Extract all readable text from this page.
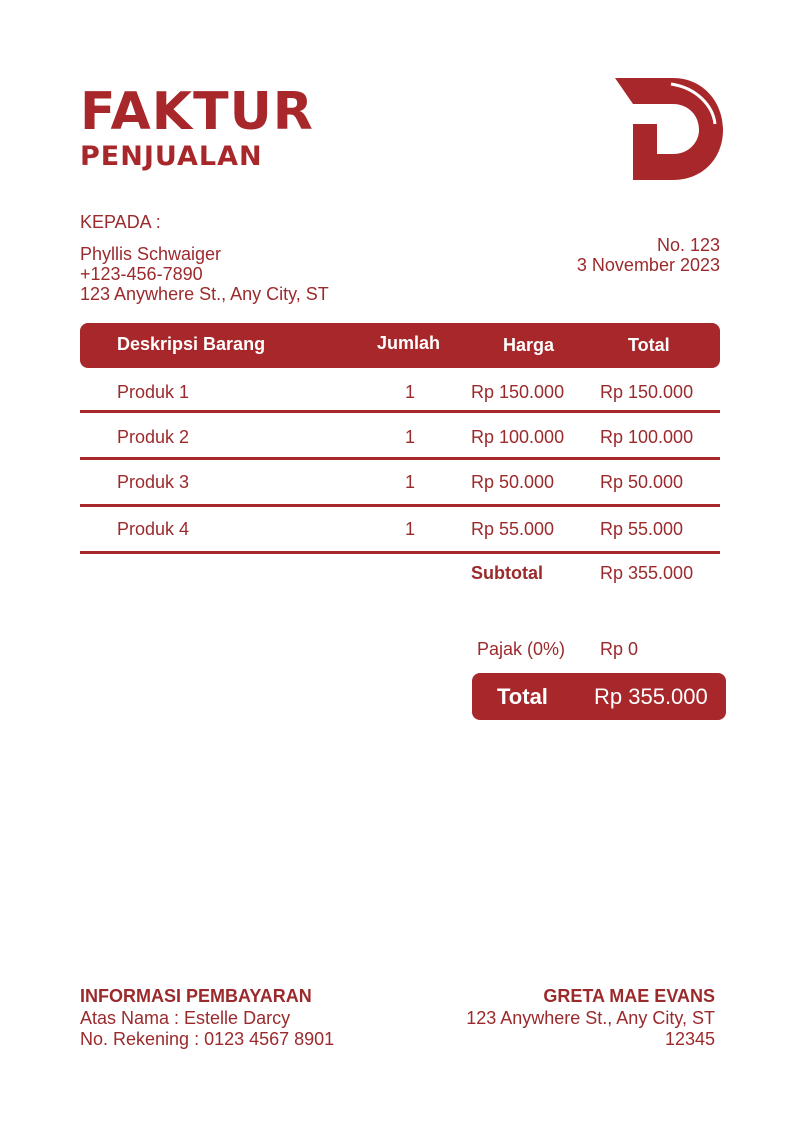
FAKTUR
PENJUALAN
KEPADA :
Phyllis Schwaiger
+123-456-7890
123 Anywhere St., Any City, ST
No. 123
3 November 2023
Deskripsi Barang	Jumlah	Harga	Total
Produk 1	1	Rp 150.000 Rp 150.000
Produk 2	1	Rp 100.000 Rp 100.000
Produk 3	1	Rp 50.000	Rp 50.000
Produk 4	1	Rp 55.000	Rp 55.000
Subtotal	Rp 355.000
Pajak (0%) Rp 0
Total Rp 355.000
INFORMASI PEMBAYARAN
Atas Nama : Estelle Darcy
No. Rekening : 0123 4567 8901
GRETA MAE EVANS
123 Anywhere St., Any City, ST
12345
